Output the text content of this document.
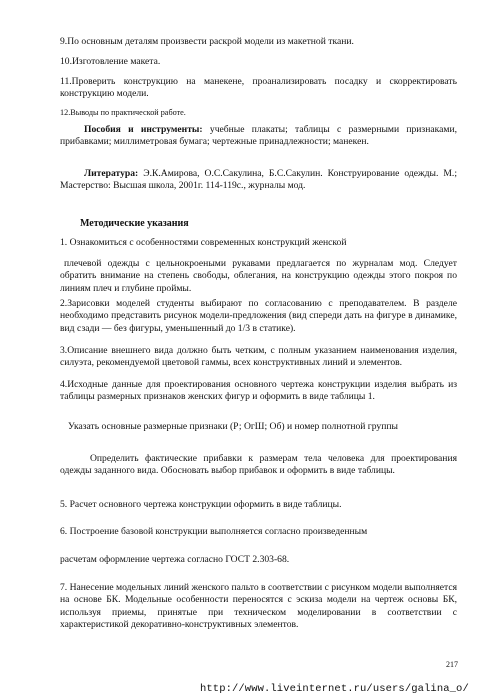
9.По основным деталям произвести раскрой модели из макетной ткани.

10.Изготовление макета.

11.Проверить конструкцию на манекене, проанализировать посадку и скорректировать конструкцию модели.

12.Выводы по практической работе.

Пособия и инструменты: учебные плакаты; таблицы с размерными признаками, прибавками; миллиметровая бумага; чертежные принадлежности; манекен.

Литература: Э.К.Амирова, О.С.Сакулина, Б.С.Сакулин. Конструирование одежды. М.; Мастерство: Высшая школа, 2001г. 114-119с., журналы мод.

Методические указания

1. Ознакомиться с особенностями современных конструкций женской

плечевой одежды с цельнокроеными рукавами предлагается по журналам мод. Следует обратить внимание на степень свободы, облегания, на конструкцию одежды этого покроя по линиям плеч и глубине проймы.

2.Зарисовки моделей студенты выбирают по согласованию с преподавателем. В разделе необходимо представить рисунок модели-предложения (вид спереди дать на фигуре в динамике, вид сзади — без фигуры, уменьшенный до 1/3 в статике).

3.Описание внешнего вида должно быть четким, с полным указанием наименования изделия, силуэта, рекомендуемой цветовой гаммы, всех конструктивных линий и элементов.

4.Исходные данные для проектирования основного чертежа конструкции изделия выбрать из таблицы размерных признаков женских фигур и оформить в виде таблицы 1.

Указать основные размерные признаки (Р; ОгШ; Об) и номер полнотной группы

Определить фактические прибавки к размерам тела человека для проектирования одежды заданного вида. Обосновать выбор прибавок и оформить в виде таблицы.

5. Расчет основного чертежа конструкции оформить в виде таблицы.

6. Построение базовой конструкции выполняется согласно произведенным

расчетам оформление чертежа согласно ГОСТ 2.303-68.

7. Нанесение модельных линий женского пальто в соответствии с рисунком модели выполняется на основе БК. Модельные особенности переносятся с эскиза модели на чертеж основы БК, используя приемы, принятые при техническом моделировании в соответствии с характеристикой декоративно-конструктивных элементов.

217
http://www.liveinternet.ru/users/galina_o/
